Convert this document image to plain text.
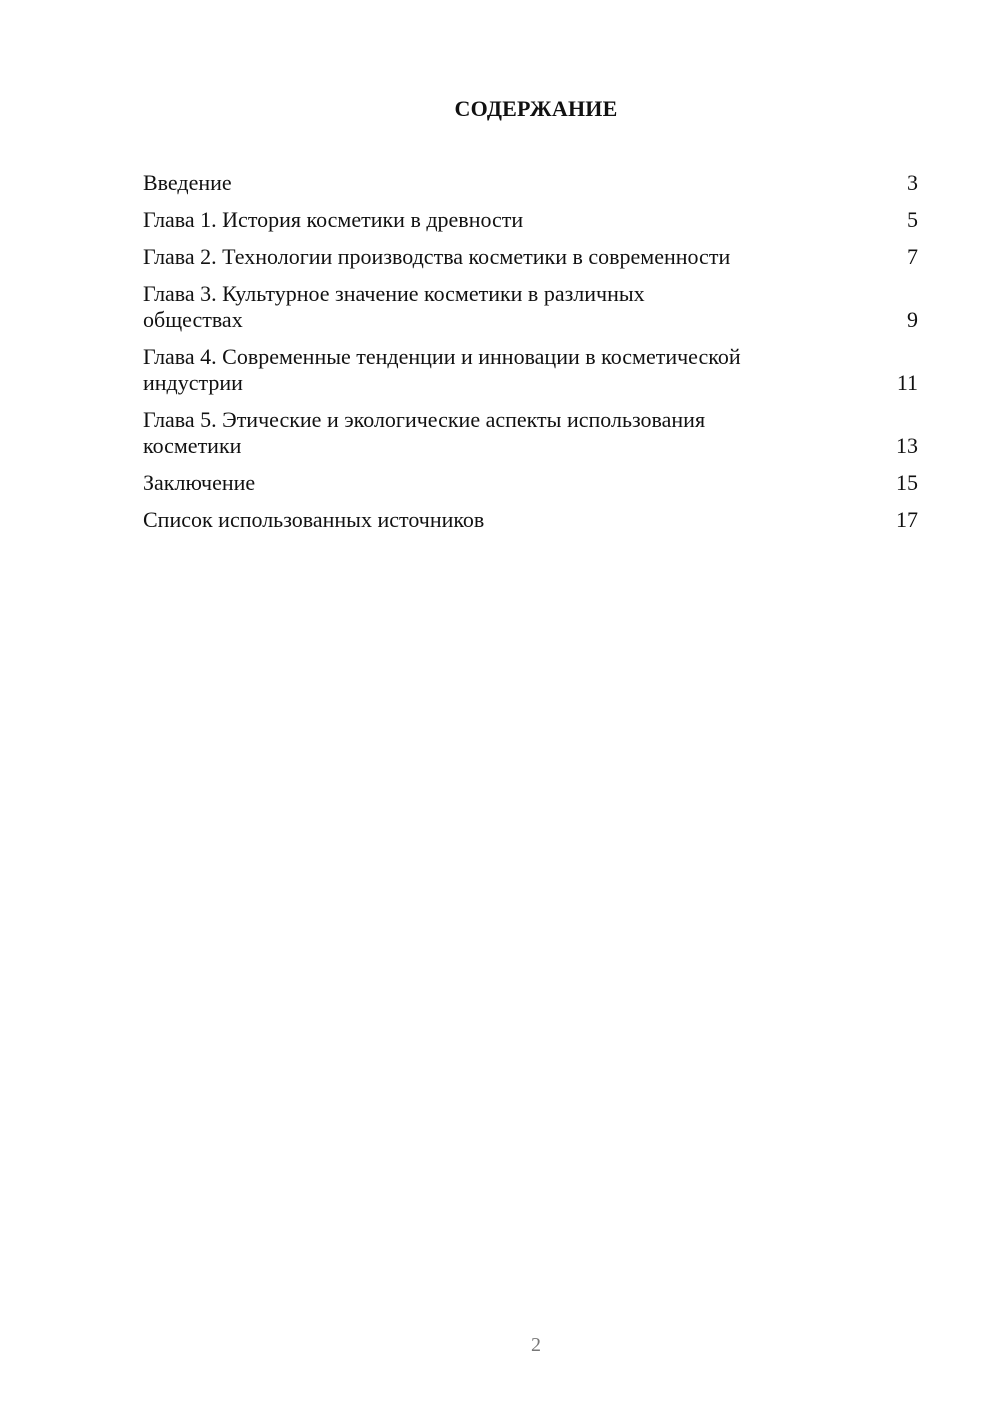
СОДЕРЖАНИЕ
Введение	3
Глава 1. История косметики в древности	5
Глава 2. Технологии производства косметики в современности	7
Глава 3. Культурное значение косметики в различных обществах	9
Глава 4. Современные тенденции и инновации в косметической индустрии	11
Глава 5. Этические и экологические аспекты использования косметики	13
Заключение	15
Список использованных источников	17
2
